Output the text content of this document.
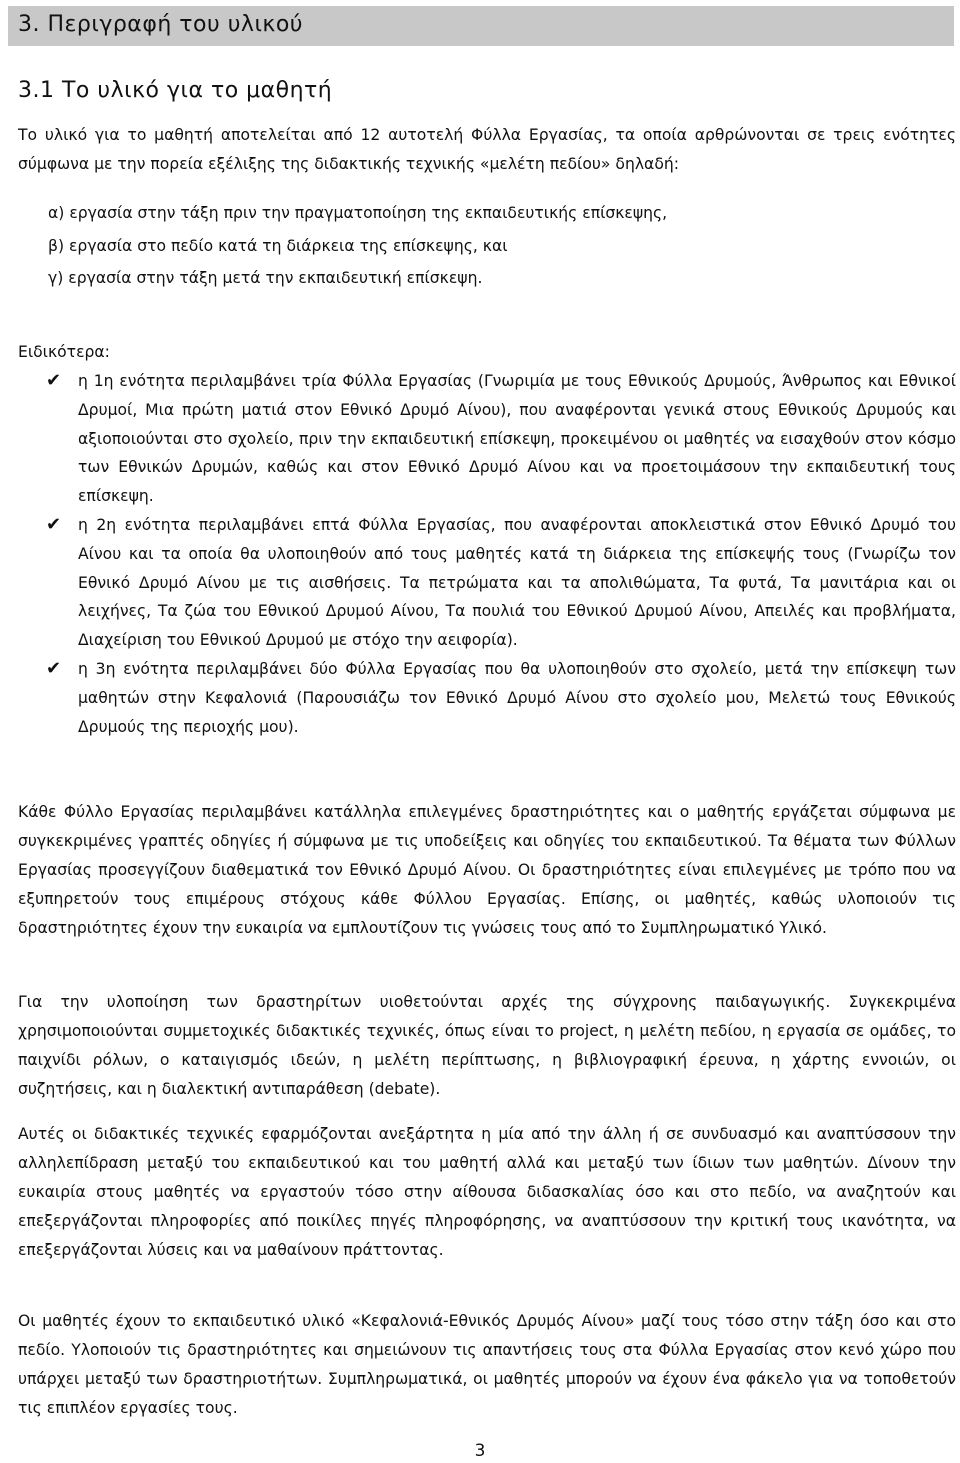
3. Περιγραφή του υλικού
3.1 Το υλικό για το μαθητή

Το υλικό για το μαθητή αποτελείται από 12 αυτοτελή Φύλλα Εργασίας, τα οποία αρθρώνονται σε τρεις ενότητες σύμφωνα με την πορεία εξέλιξης της διδακτικής τεχνικής «μελέτη πεδίου» δηλαδή:

α) εργασία στην τάξη πριν την πραγματοποίηση της εκπαιδευτικής επίσκεψης,
β) εργασία στο πεδίο κατά τη διάρκεια της επίσκεψης, και
γ) εργασία στην τάξη μετά την εκπαιδευτική επίσκεψη.
Ειδικότερα:
✔ η 1η ενότητα περιλαμβάνει τρία Φύλλα Εργασίας (Γνωριμία με τους Εθνικούς Δρυμούς, Άνθρωπος και Εθνικοί Δρυμοί, Μια πρώτη ματιά στον Εθνικό Δρυμό Αίνου), που αναφέρονται γενικά στους Εθνικούς Δρυμούς και αξιοποιούνται στο σχολείο, πριν την εκπαιδευτική επίσκεψη, προκειμένου οι μαθητές να εισαχθούν στον κόσμο των Εθνικών Δρυμών, καθώς και στον Εθνικό Δρυμό Αίνου και να προετοιμάσουν την εκπαιδευτική τους επίσκεψη.
✔ η 2η ενότητα περιλαμβάνει επτά Φύλλα Εργασίας, που αναφέρονται αποκλειστικά στον Εθνικό Δρυμό του Αίνου και τα οποία θα υλοποιηθούν από τους μαθητές κατά τη διάρκεια της επίσκεψής τους (Γνωρίζω τον Εθνικό Δρυμό Αίνου με τις αισθήσεις. Τα πετρώματα και τα απολιθώματα, Τα φυτά, Τα μανιτάρια και οι λειχήνες, Τα ζώα του Εθνικού Δρυμού Αίνου, Τα πουλιά του Εθνικού Δρυμού Αίνου, Απειλές και προβλήματα, Διαχείριση του Εθνικού Δρυμού με στόχο την αειφορία).
✔ η 3η ενότητα περιλαμβάνει δύο Φύλλα Εργασίας που θα υλοποιηθούν στο σχολείο, μετά την επίσκεψη των μαθητών στην Κεφαλονιά (Παρουσιάζω τον Εθνικό Δρυμό Αίνου στο σχολείο μου, Μελετώ τους Εθνικούς Δρυμούς της περιοχής μου).

Κάθε Φύλλο Εργασίας περιλαμβάνει κατάλληλα επιλεγμένες δραστηριότητες και ο μαθητής εργάζεται σύμφωνα με συγκεκριμένες γραπτές οδηγίες ή σύμφωνα με τις υποδείξεις και οδηγίες του εκπαιδευτικού. Τα θέματα των Φύλλων Εργασίας προσεγγίζουν διαθεματικά τον Εθνικό Δρυμό Αίνου. Οι δραστηριότητες είναι επιλεγμένες με τρόπο που να εξυπηρετούν τους επιμέρους στόχους κάθε Φύλλου Εργασίας. Επίσης, οι μαθητές, καθώς υλοποιούν τις δραστηριότητες έχουν την ευκαιρία να εμπλουτίζουν τις γνώσεις τους από το Συμπληρωματικό Υλικό.

Για την υλοποίηση των δραστηρίτων υιοθετούνται αρχές της σύγχρονης παιδαγωγικής. Συγκεκριμένα χρησιμοποιούνται συμμετοχικές διδακτικές τεχνικές, όπως είναι το project, η μελέτη πεδίου, η εργασία σε ομάδες, το παιχνίδι ρόλων, ο καταιγισμός ιδεών, η μελέτη περίπτωσης, η βιβλιογραφική έρευνα, η χάρτης εννοιών, οι συζητήσεις, και η διαλεκτική αντιπαράθεση (debate).

Αυτές οι διδακτικές τεχνικές εφαρμόζονται ανεξάρτητα η μία από την άλλη ή σε συνδυασμό και αναπτύσσουν την αλληλεπίδραση μεταξύ του εκπαιδευτικού και του μαθητή αλλά και μεταξύ των ίδιων των μαθητών. Δίνουν την ευκαιρία στους μαθητές να εργαστούν τόσο στην αίθουσα διδασκαλίας όσο και στο πεδίο, να αναζητούν και επεξεργάζονται πληροφορίες από ποικίλες πηγές πληροφόρησης, να αναπτύσσουν την κριτική τους ικανότητα, να επεξεργάζονται λύσεις και να μαθαίνουν πράττοντας.

Οι μαθητές έχουν το εκπαιδευτικό υλικό «Κεφαλονιά-Εθνικός Δρυμός Αίνου» μαζί τους τόσο στην τάξη όσο και στο πεδίο. Υλοποιούν τις δραστηριότητες και σημειώνουν τις απαντήσεις τους στα Φύλλα Εργασίας στον κενό χώρο που υπάρχει μεταξύ των δραστηριοτήτων. Συμπληρωματικά, οι μαθητές μπορούν να έχουν ένα φάκελο για να τοποθετούν τις επιπλέον εργασίες τους.

3
